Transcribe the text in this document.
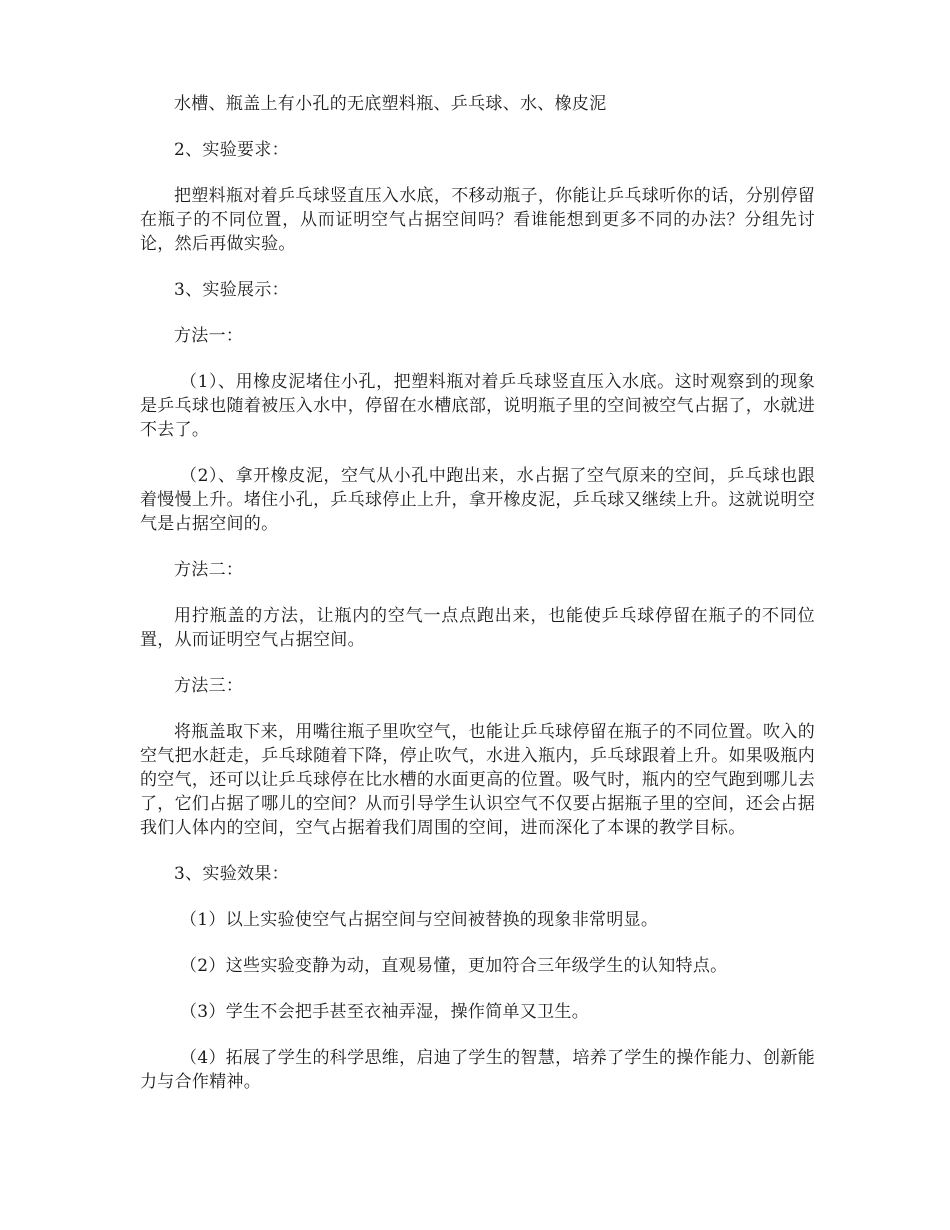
水槽、瓶盖上有小孔的无底塑料瓶、乒乓球、水、橡皮泥

2、实验要求：

把塑料瓶对着乒乓球竖直压入水底，不移动瓶子，你能让乒乓球听你的话，分别停留在瓶子的不同位置，从而证明空气占据空间吗？看谁能想到更多不同的办法？分组先讨论，然后再做实验。

3、实验展示：

方法一：

（1）、用橡皮泥堵住小孔，把塑料瓶对着乒乓球竖直压入水底。这时观察到的现象是乒乓球也随着被压入水中，停留在水槽底部，说明瓶子里的空间被空气占据了，水就进不去了。

（2）、拿开橡皮泥，空气从小孔中跑出来，水占据了空气原来的空间，乒乓球也跟着慢慢上升。堵住小孔，乒乓球停止上升，拿开橡皮泥，乒乓球又继续上升。这就说明空气是占据空间的。

方法二：

用拧瓶盖的方法，让瓶内的空气一点点跑出来，也能使乒乓球停留在瓶子的不同位置，从而证明空气占据空间。

方法三：

将瓶盖取下来，用嘴往瓶子里吹空气，也能让乒乓球停留在瓶子的不同位置。吹入的空气把水赶走，乒乓球随着下降，停止吹气，水进入瓶内，乒乓球跟着上升。如果吸瓶内的空气，还可以让乒乓球停在比水槽的水面更高的位置。吸气时，瓶内的空气跑到哪儿去了，它们占据了哪儿的空间？从而引导学生认识空气不仅要占据瓶子里的空间，还会占据我们人体内的空间，空气占据着我们周围的空间，进而深化了本课的教学目标。

3、实验效果：

（1）以上实验使空气占据空间与空间被替换的现象非常明显。

（2）这些实验变静为动，直观易懂，更加符合三年级学生的认知特点。

（3）学生不会把手甚至衣袖弄湿，操作简单又卫生。

（4）拓展了学生的科学思维，启迪了学生的智慧，培养了学生的操作能力、创新能力与合作精神。
